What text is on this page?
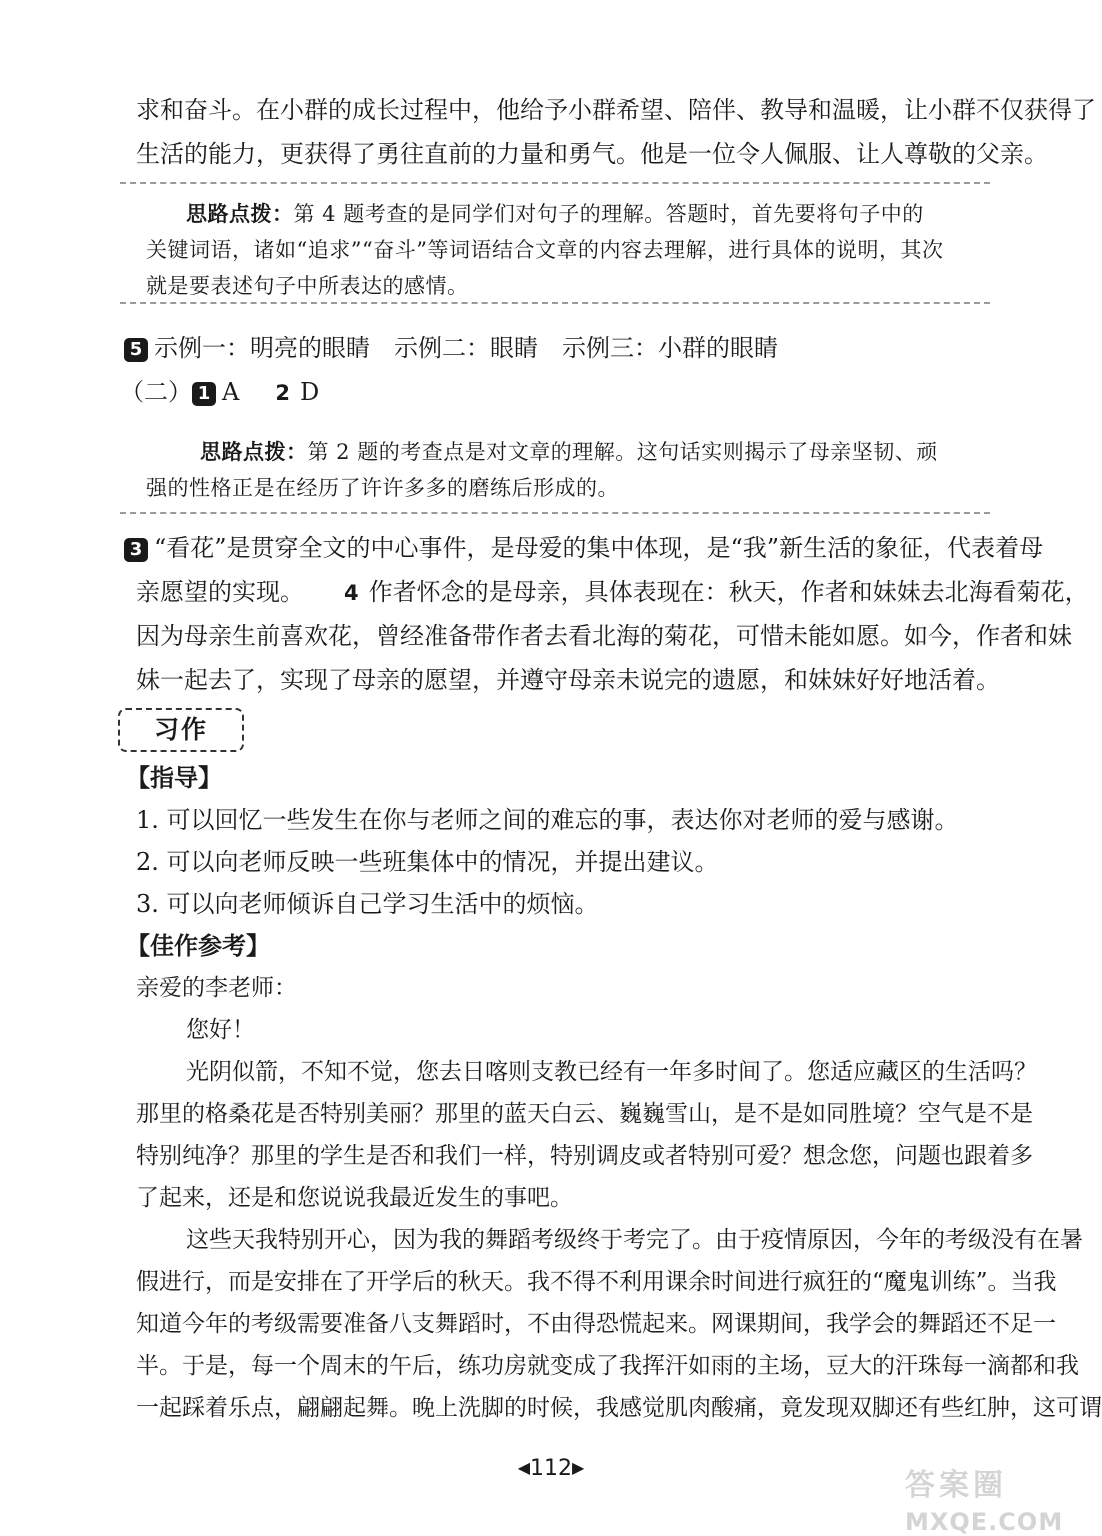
求和奋斗。在小群的成长过程中，他给予小群希望、陪伴、教导和温暖，让小群不仅获得了
生活的能力，更获得了勇往直前的力量和勇气。他是一位令人佩服、让人尊敬的父亲。
思路点拨：第 4 题考查的是同学们对句子的理解。答题时，首先要将句子中的
关键词语，诸如“追求”“奋斗”等词语结合文章的内容去理解，进行具体的说明，其次
就是要表述句子中所表达的感情。
5 示例一：明亮的眼睛　示例二：眼睛　示例三：小群的眼睛
（二） 1 A 2 D
思路点拨：第 2 题的考查点是对文章的理解。这句话实则揭示了母亲坚韧、顽
强的性格正是在经历了许许多多的磨练后形成的。
3 “看花”是贯穿全文的中心事件，是母爱的集中体现，是“我”新生活的象征，代表着母
亲愿望的实现。 4 作者怀念的是母亲，具体表现在：秋天，作者和妹妹去北海看菊花，
因为母亲生前喜欢花，曾经准备带作者去看北海的菊花，可惜未能如愿。如今，作者和妹
妹一起去了，实现了母亲的愿望，并遵守母亲未说完的遗愿，和妹妹好好地活着。
习作
【指导】
1. 可以回忆一些发生在你与老师之间的难忘的事，表达你对老师的爱与感谢。
2. 可以向老师反映一些班集体中的情况，并提出建议。
3. 可以向老师倾诉自己学习生活中的烦恼。
【佳作参考】
亲爱的李老师：
您好！
光阴似箭，不知不觉，您去日喀则支教已经有一年多时间了。您适应藏区的生活吗？
那里的格桑花是否特别美丽？那里的蓝天白云、巍巍雪山，是不是如同胜境？空气是不是
特别纯净？那里的学生是否和我们一样，特别调皮或者特别可爱？想念您，问题也跟着多
了起来，还是和您说说我最近发生的事吧。
这些天我特别开心，因为我的舞蹈考级终于考完了。由于疫情原因，今年的考级没有在暑
假进行，而是安排在了开学后的秋天。我不得不利用课余时间进行疯狂的“魔鬼训练”。当我
知道今年的考级需要准备八支舞蹈时，不由得恐慌起来。网课期间，我学会的舞蹈还不足一
半。于是，每一个周末的午后，练功房就变成了我挥汗如雨的主场，豆大的汗珠每一滴都和我
一起踩着乐点，翩翩起舞。晚上洗脚的时候，我感觉肌肉酸痛，竟发现双脚还有些红肿，这可谓
◀112▶
答案圈
MXQE.COM
